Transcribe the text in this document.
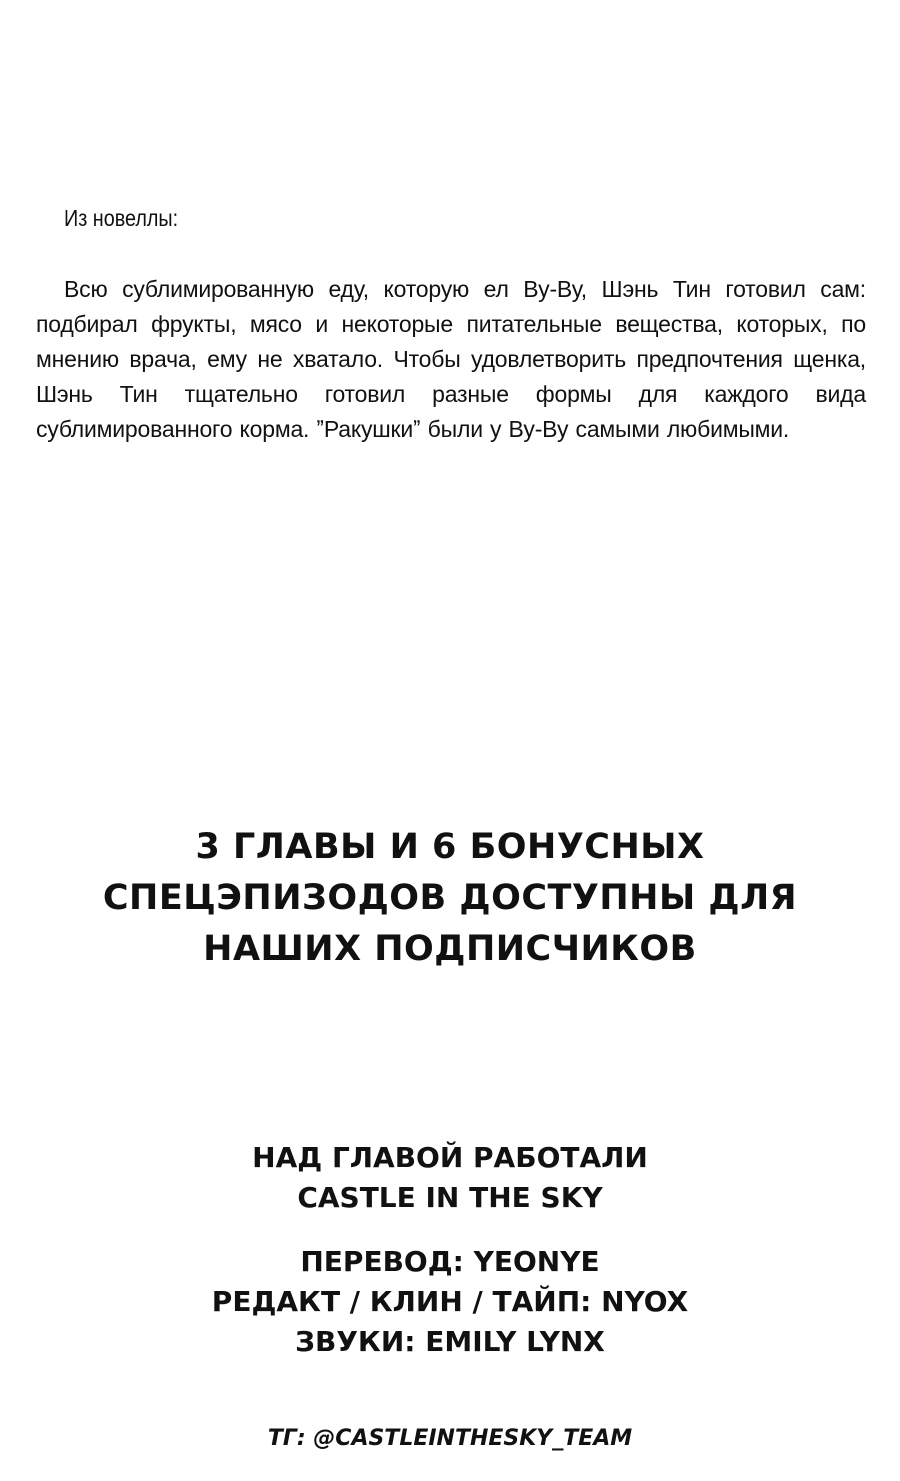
Из новеллы:

Всю сублимированную еду, которую ел Ву-Ву, Шэнь Тин готовил сам: подбирал фрукты, мясо и некоторые питательные вещества, которых, по мнению врача, ему не хватало. Чтобы удовлетворить предпочтения щенка, Шэнь Тин тщательно готовил разные формы для каждого вида сублимированного корма. ˮРакушкиˮ были у Ву-Ву самыми любимыми.

3 ГЛАВЫ И 6 БОНУСНЫХ СПЕЦЭПИЗОДОВ ДОСТУПНЫ ДЛЯ НАШИХ ПОДПИСЧИКОВ

НАД ГЛАВОЙ РАБОТАЛИ
CASTLE IN THE SKY

ПЕРЕВОД: YEONYE
РЕДАКТ / КЛИН / ТАЙП: NYOX
ЗВУКИ: EMILY LYNX

ТГ: @CASTLEINTHESKY_TEAM
